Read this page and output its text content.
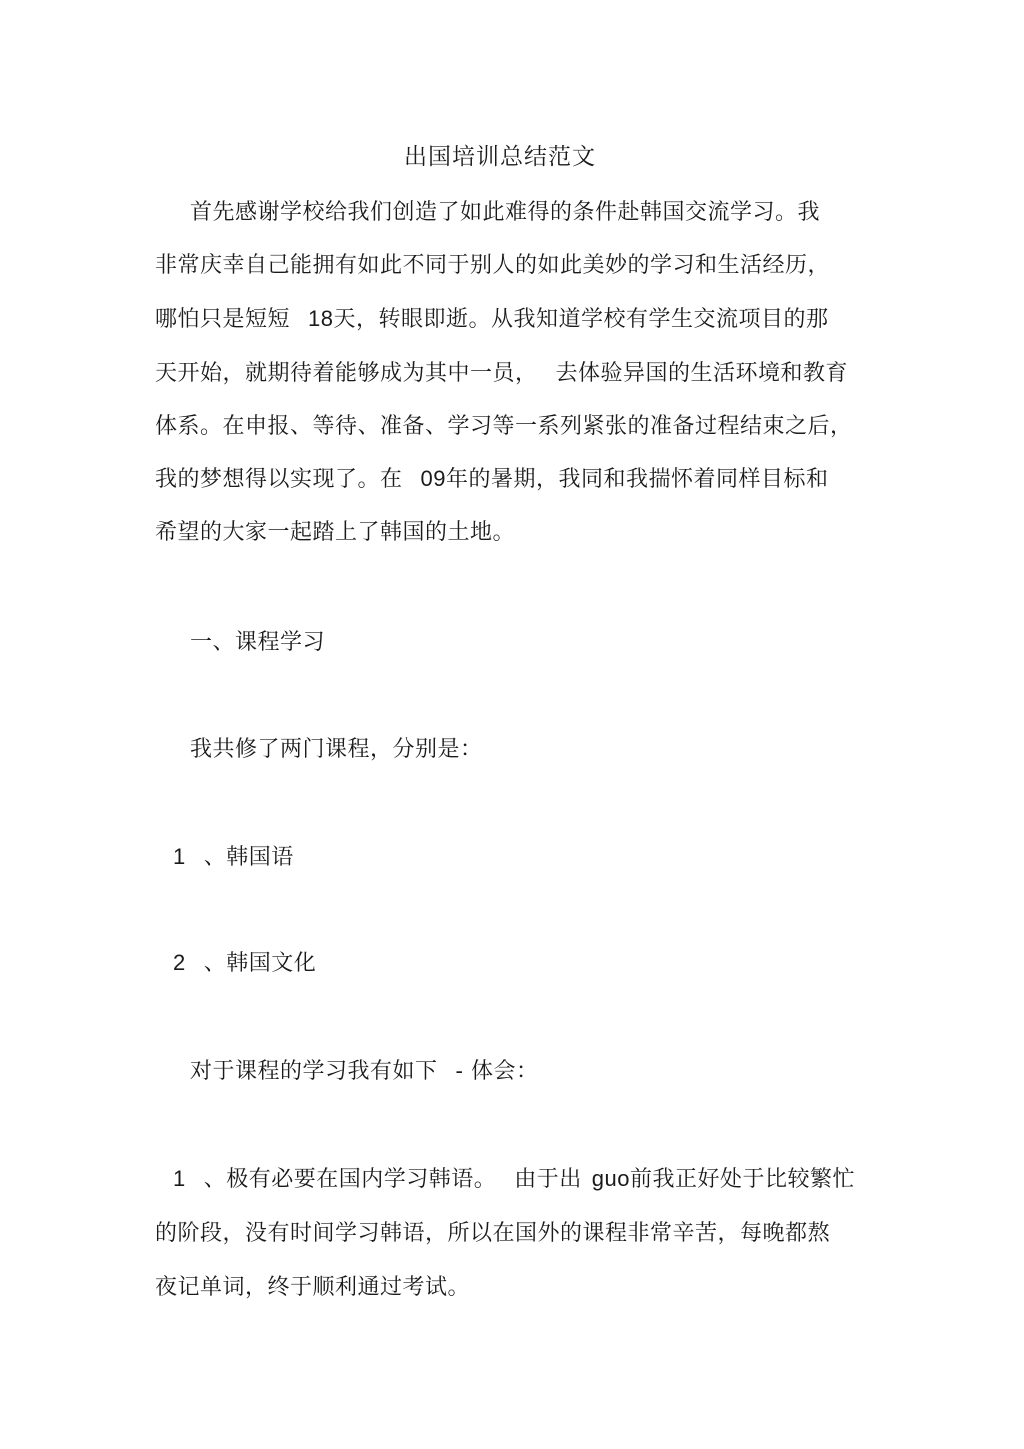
出国培训总结范文
首先感谢学校给我们创造了如此难得的条件赴韩国交流学习。我
非常庆幸自己能拥有如此不同于别人的如此美妙的学习和生活经历，
哪怕只是短短 18天，转眼即逝。从我知道学校有学生交流项目的那
天开始，就期待着能够成为其中一员， 去体验异国的生活环境和教育
体系。在申报、等待、准备、学习等一系列紧张的准备过程结束之后，
我的梦想得以实现了。在 09年的暑期，我同和我揣怀着同样目标和
希望的大家一起踏上了韩国的土地。
一、课程学习
我共修了两门课程，分别是：
1 、韩国语
2 、韩国文化
对于课程的学习我有如下 - 体会：
1 、极有必要在国内学习韩语。 由于出 guo前我正好处于比较繁忙
的阶段，没有时间学习韩语，所以在国外的课程非常辛苦，每晚都熬
夜记单词，终于顺利通过考试。
